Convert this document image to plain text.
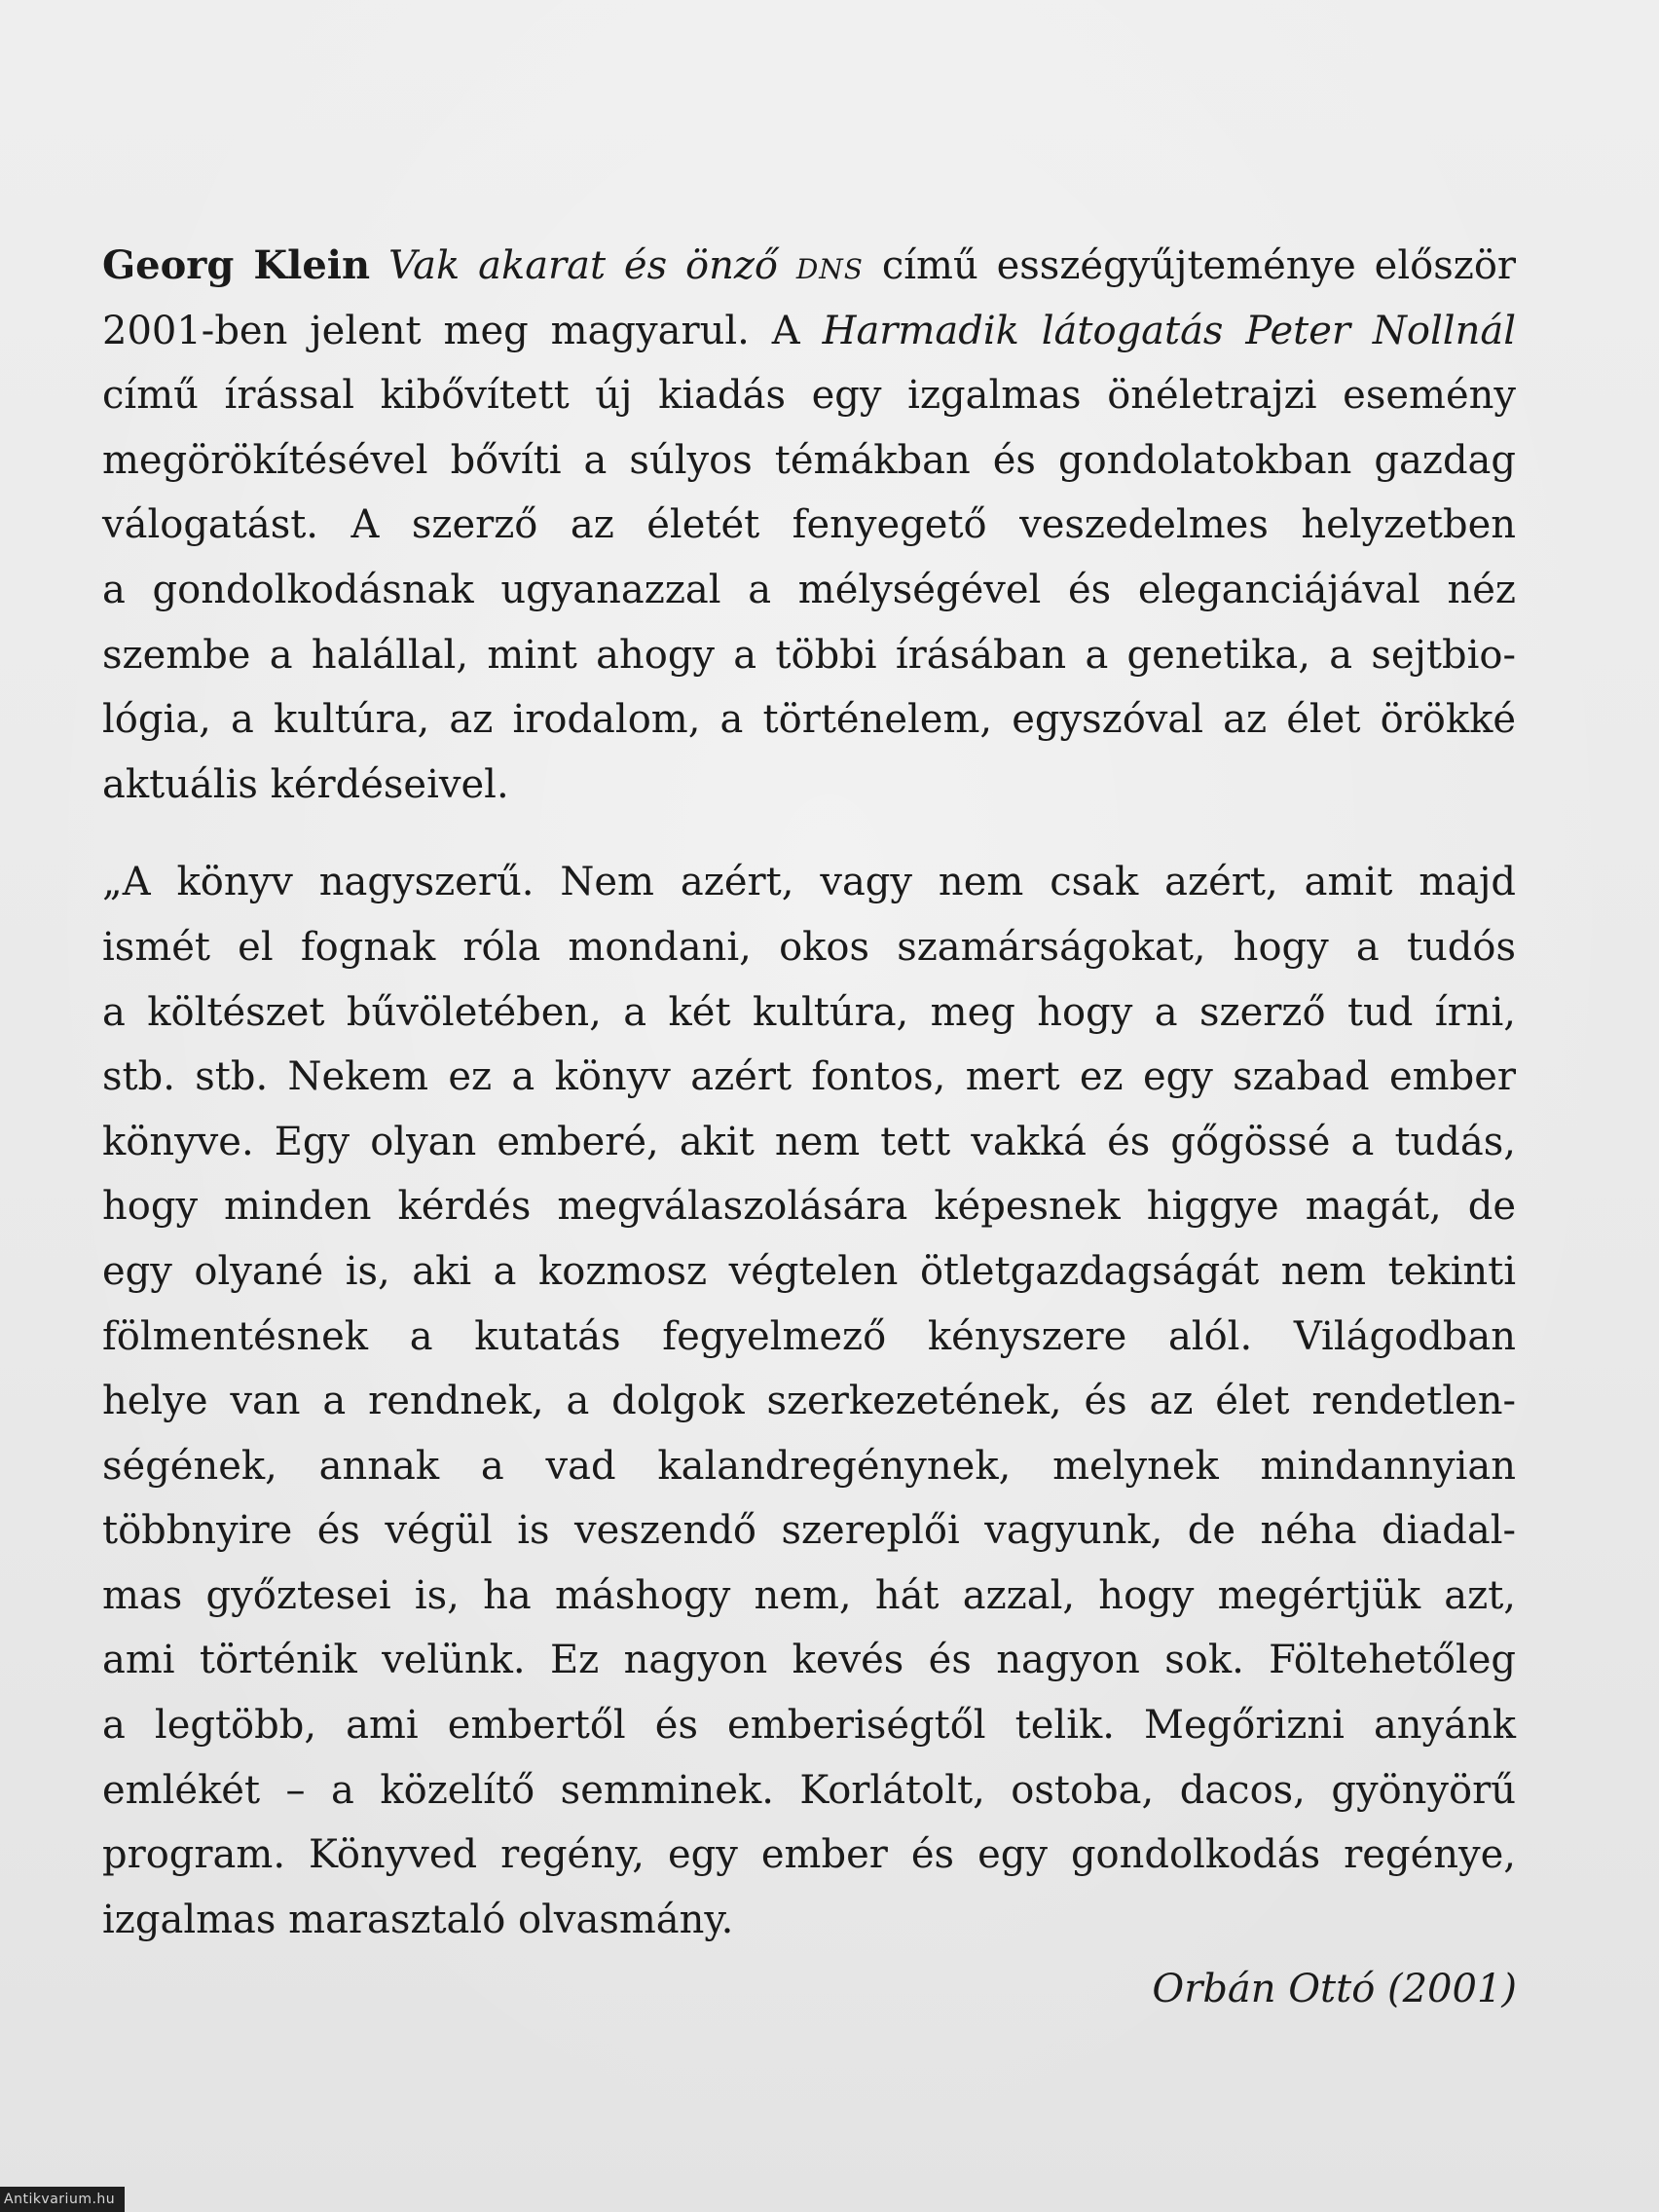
Georg Klein Vak akarat és önző dns című esszégyűjteménye először
2001-ben jelent meg magyarul. A Harmadik látogatás Peter Nollnál
című írással kibővített új kiadás egy izgalmas önéletrajzi esemény
megörökítésével bővíti a súlyos témákban és gondolatokban gazdag
válogatást. A szerző az életét fenyegető veszedelmes helyzetben
a gondolkodásnak ugyanazzal a mélységével és eleganciájával néz
szembe a halállal, mint ahogy a többi írásában a genetika, a sejtbio-
lógia, a kultúra, az irodalom, a történelem, egyszóval az élet örökké
aktuális kérdéseivel.
„A könyv nagyszerű. Nem azért, vagy nem csak azért, amit majd
ismét el fognak róla mondani, okos szamárságokat, hogy a tudós
a költészet bűvöletében, a két kultúra, meg hogy a szerző tud írni,
stb. stb. Nekem ez a könyv azért fontos, mert ez egy szabad ember
könyve. Egy olyan emberé, akit nem tett vakká és gőgössé a tudás,
hogy minden kérdés megválaszolására képesnek higgye magát, de
egy olyané is, aki a kozmosz végtelen ötletgazdagságát nem tekinti
fölmentésnek a kutatás fegyelmező kényszere alól. Világodban
helye van a rendnek, a dolgok szerkezetének, és az élet rendetlen-
ségének, annak a vad kalandregénynek, melynek mindannyian
többnyire és végül is veszendő szereplői vagyunk, de néha diadal-
mas győztesei is, ha máshogy nem, hát azzal, hogy megértjük azt,
ami történik velünk. Ez nagyon kevés és nagyon sok. Föltehetőleg
a legtöbb, ami embertől és emberiségtől telik. Megőrizni anyánk
emlékét – a közelítő semminek. Korlátolt, ostoba, dacos, gyönyörű
program. Könyved regény, egy ember és egy gondolkodás regénye,
izgalmas marasztaló olvasmány.
Orbán Ottó (2001)
Antikvarium.hu
